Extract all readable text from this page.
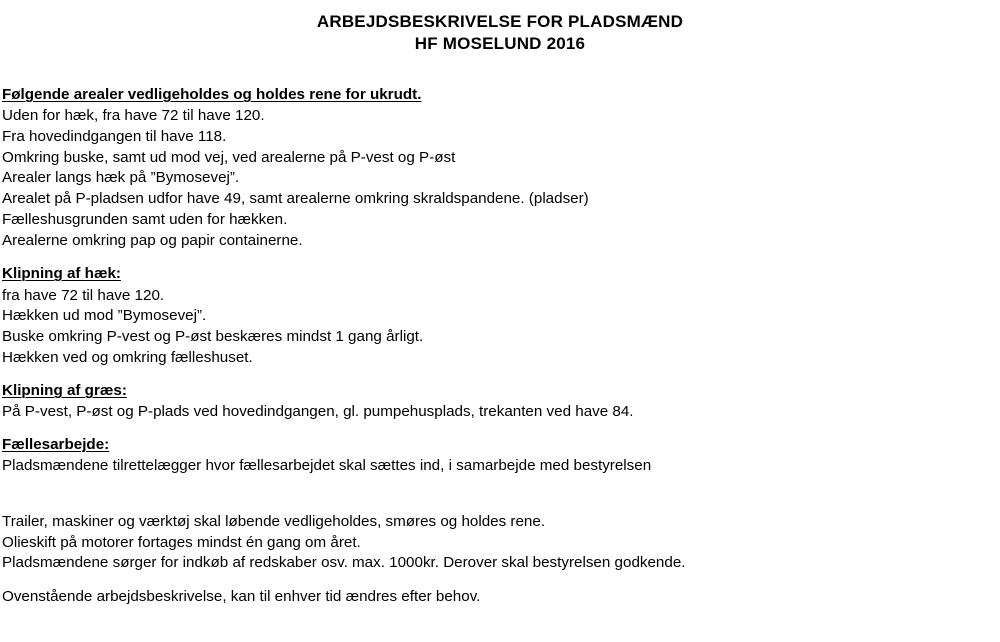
ARBEJDSBESKRIVELSE FOR PLADSMÆND
HF MOSELUND 2016
Følgende arealer vedligeholdes og holdes rene for ukrudt.
Uden for hæk, fra have 72 til have 120.
Fra hovedindgangen til have 118.
Omkring buske, samt ud mod vej, ved arealerne på P-vest og P-øst
Arealer langs hæk på ”Bymosevej”.
Arealet på P-pladsen udfor have 49, samt arealerne omkring skraldspandene. (pladser)
Fælleshusgrunden samt uden for hækken.
Arealerne omkring pap og papir containerne.
Klipning af hæk:
fra have 72 til have 120.
Hækken ud mod ”Bymosevej”.
Buske omkring P-vest og P-øst beskæres mindst 1 gang årligt.
Hækken ved og omkring fælleshuset.
Klipning af græs:
På P-vest, P-øst og P-plads ved hovedindgangen, gl. pumpehusplads, trekanten ved have 84.
Fællesarbejde:
Pladsmændene tilrettelægger hvor fællesarbejdet skal sættes ind, i samarbejde med bestyrelsen
Trailer, maskiner og værktøj skal løbende vedligeholdes, smøres og holdes rene.
Olieskift på motorer fortages mindst én gang om året.
Pladsmændene sørger for indkøb af redskaber osv. max. 1000kr. Derover skal bestyrelsen godkende.
Ovenstående arbejdsbeskrivelse, kan til enhver tid ændres efter behov.
